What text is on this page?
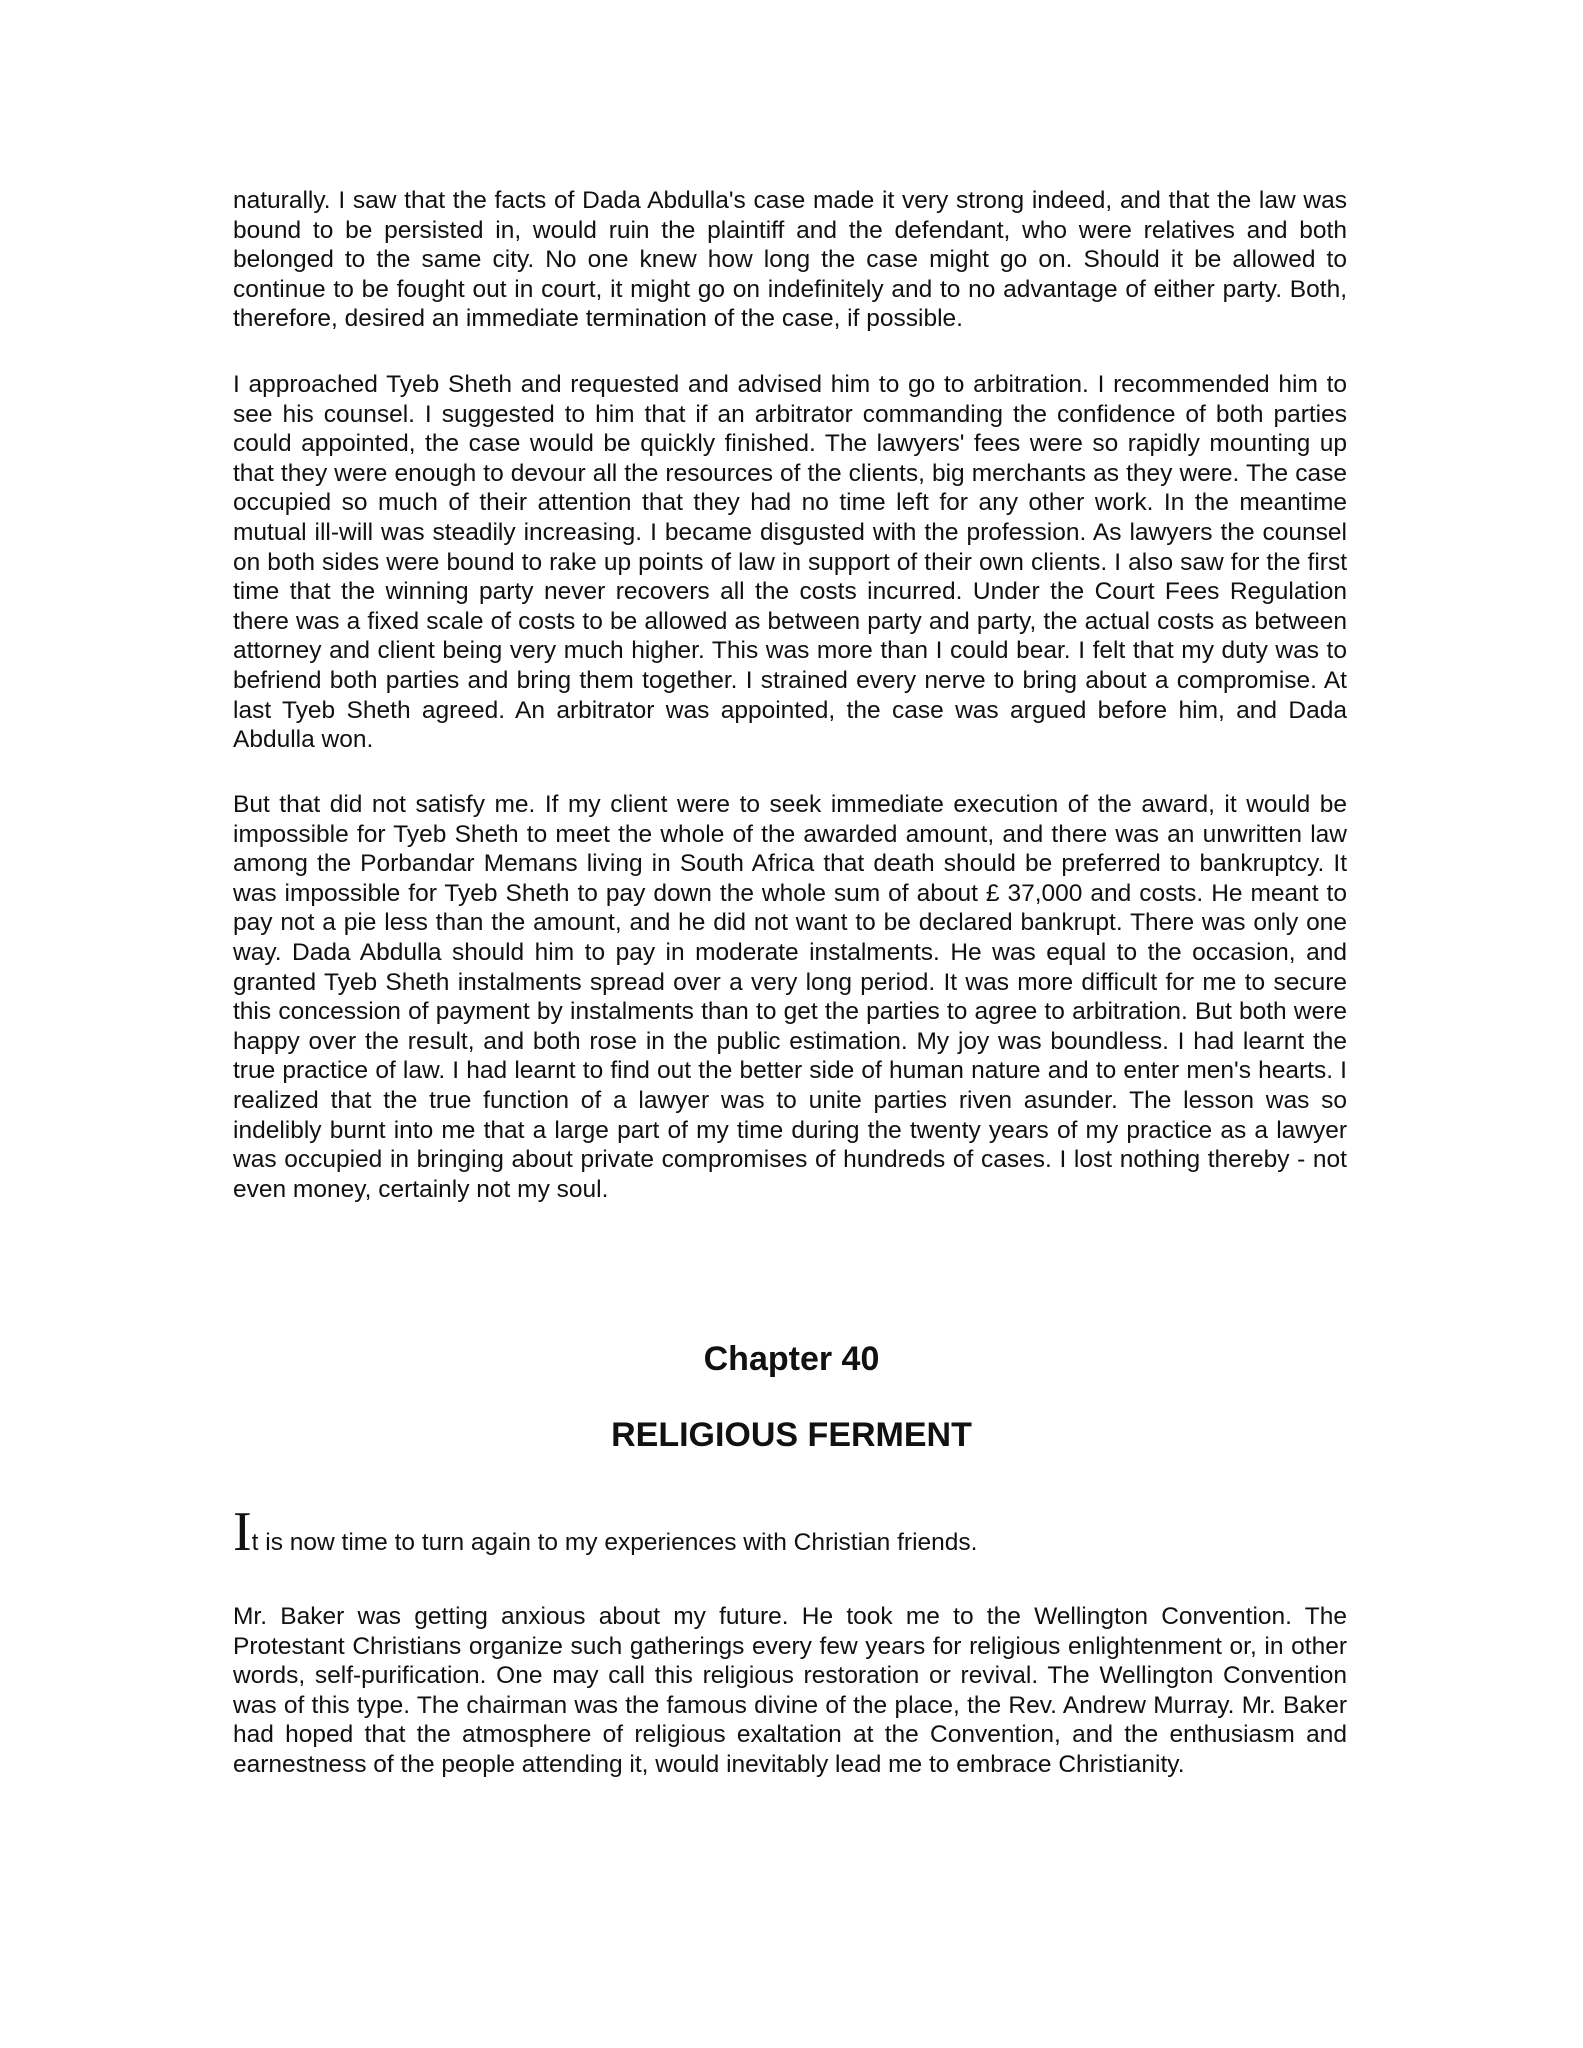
naturally. I saw that the facts of Dada Abdulla's case made it very strong indeed, and that the law was bound to be persisted in, would ruin the plaintiff and the defendant, who were relatives and both belonged to the same city. No one knew how long the case might go on. Should it be allowed to continue to be fought out in court, it might go on indefinitely and to no advantage of either party. Both, therefore, desired an immediate termination of the case, if possible.

I approached Tyeb Sheth and requested and advised him to go to arbitration. I recommended him to see his counsel. I suggested to him that if an arbitrator commanding the confidence of both parties could appointed, the case would be quickly finished. The lawyers' fees were so rapidly mounting up that they were enough to devour all the resources of the clients, big merchants as they were. The case occupied so much of their attention that they had no time left for any other work. In the meantime mutual ill-will was steadily increasing. I became disgusted with the profession. As lawyers the counsel on both sides were bound to rake up points of law in support of their own clients. I also saw for the first time that the winning party never recovers all the costs incurred. Under the Court Fees Regulation there was a fixed scale of costs to be allowed as between party and party, the actual costs as between attorney and client being very much higher. This was more than I could bear. I felt that my duty was to befriend both parties and bring them together. I strained every nerve to bring about a compromise. At last Tyeb Sheth agreed. An arbitrator was appointed, the case was argued before him, and Dada Abdulla won.

But that did not satisfy me. If my client were to seek immediate execution of the award, it would be impossible for Tyeb Sheth to meet the whole of the awarded amount, and there was an unwritten law among the Porbandar Memans living in South Africa that death should be preferred to bankruptcy. It was impossible for Tyeb Sheth to pay down the whole sum of about £ 37,000 and costs. He meant to pay not a pie less than the amount, and he did not want to be declared bankrupt. There was only one way. Dada Abdulla should him to pay in moderate instalments. He was equal to the occasion, and granted Tyeb Sheth instalments spread over a very long period. It was more difficult for me to secure this concession of payment by instalments than to get the parties to agree to arbitration. But both were happy over the result, and both rose in the public estimation. My joy was boundless. I had learnt the true practice of law. I had learnt to find out the better side of human nature and to enter men's hearts. I realized that the true function of a lawyer was to unite parties riven asunder. The lesson was so indelibly burnt into me that a large part of my time during the twenty years of my practice as a lawyer was occupied in bringing about private compromises of hundreds of cases. I lost nothing thereby - not even money, certainly not my soul.

Chapter 40
RELIGIOUS FERMENT

It is now time to turn again to my experiences with Christian friends.

Mr. Baker was getting anxious about my future. He took me to the Wellington Convention. The Protestant Christians organize such gatherings every few years for religious enlightenment or, in other words, self-purification. One may call this religious restoration or revival. The Wellington Convention was of this type. The chairman was the famous divine of the place, the Rev. Andrew Murray. Mr. Baker had hoped that the atmosphere of religious exaltation at the Convention, and the enthusiasm and earnestness of the people attending it, would inevitably lead me to embrace Christianity.
